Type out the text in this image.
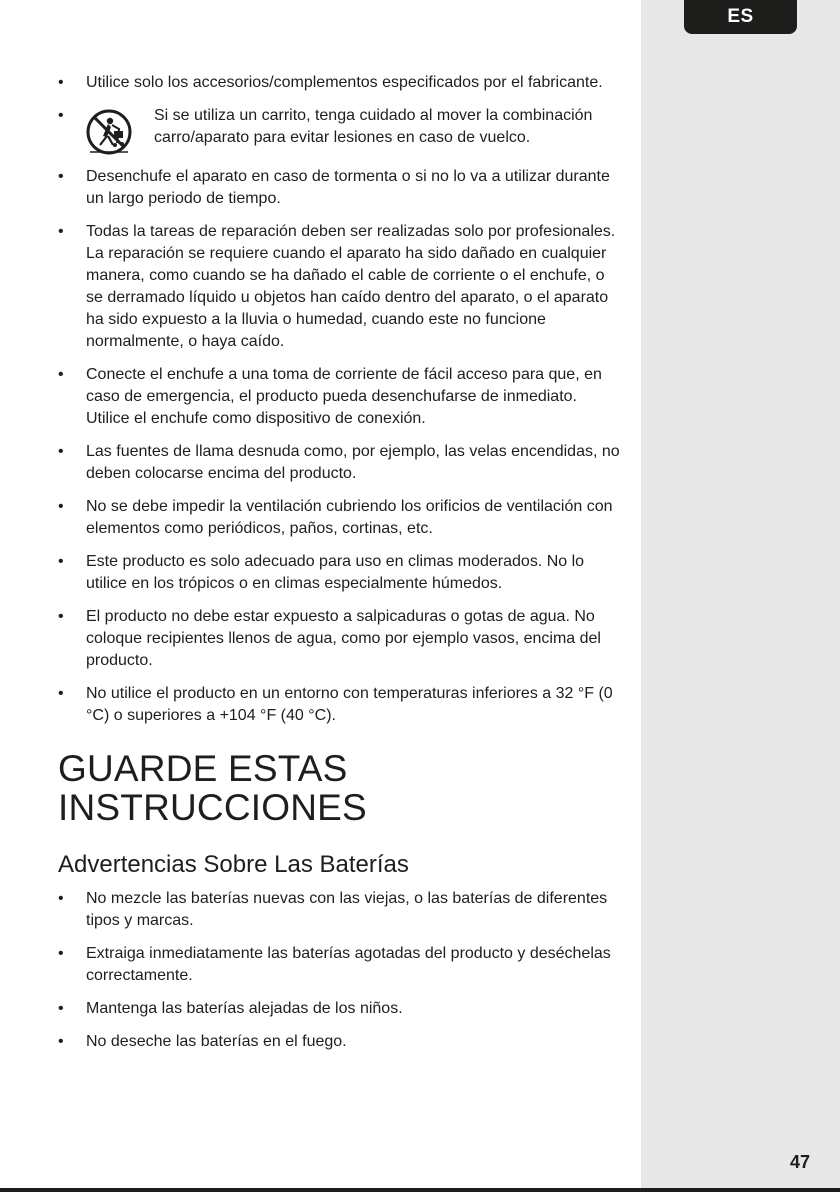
ES
• Utilice solo los accesorios/complementos especificados por el fabricante.
•	Si se utiliza un carrito, tenga cuidado al mover la combinación carro/aparato para evitar lesiones en caso de vuelco.
• Desenchufe el aparato en caso de tormenta o si no lo va a utilizar durante un largo periodo de tiempo.
• Todas la tareas de reparación deben ser realizadas solo por profesionales. La reparación se requiere cuando el aparato ha sido dañado en cualquier manera, como cuando se ha dañado el cable de corriente o el enchufe, o se derramado líquido u objetos han caído dentro del aparato, o el aparato ha sido expuesto a la lluvia o humedad, cuando este no funcione normalmente, o haya caído.
• Conecte el enchufe a una toma de corriente de fácil acceso para que, en caso de emergencia, el producto pueda desenchufarse de inmediato. Utilice el enchufe como dispositivo de conexión.
• Las fuentes de llama desnuda como, por ejemplo, las velas encendidas, no deben colocarse encima del producto.
• No se debe impedir la ventilación cubriendo los orificios de ventilación con elementos como periódicos, paños, cortinas, etc.
• Este producto es solo adecuado para uso en climas moderados. No lo utilice en los trópicos o en climas especialmente húmedos.
• El producto no debe estar expuesto a salpicaduras o gotas de agua. No coloque recipientes llenos de agua, como por ejemplo vasos, encima del producto.
• No utilice el producto en un entorno con temperaturas inferiores a 32 °F (0 °C) o superiores a +104 °F (40 °C).
GUARDE ESTAS
INSTRUCCIONES
Advertencias Sobre Las Baterías
• No mezcle las baterías nuevas con las viejas, o las baterías de diferentes tipos y marcas.
• Extraiga inmediatamente las baterías agotadas del producto y deséchelas correctamente.
• Mantenga las baterías alejadas de los niños.
• No deseche las baterías en el fuego.
47
